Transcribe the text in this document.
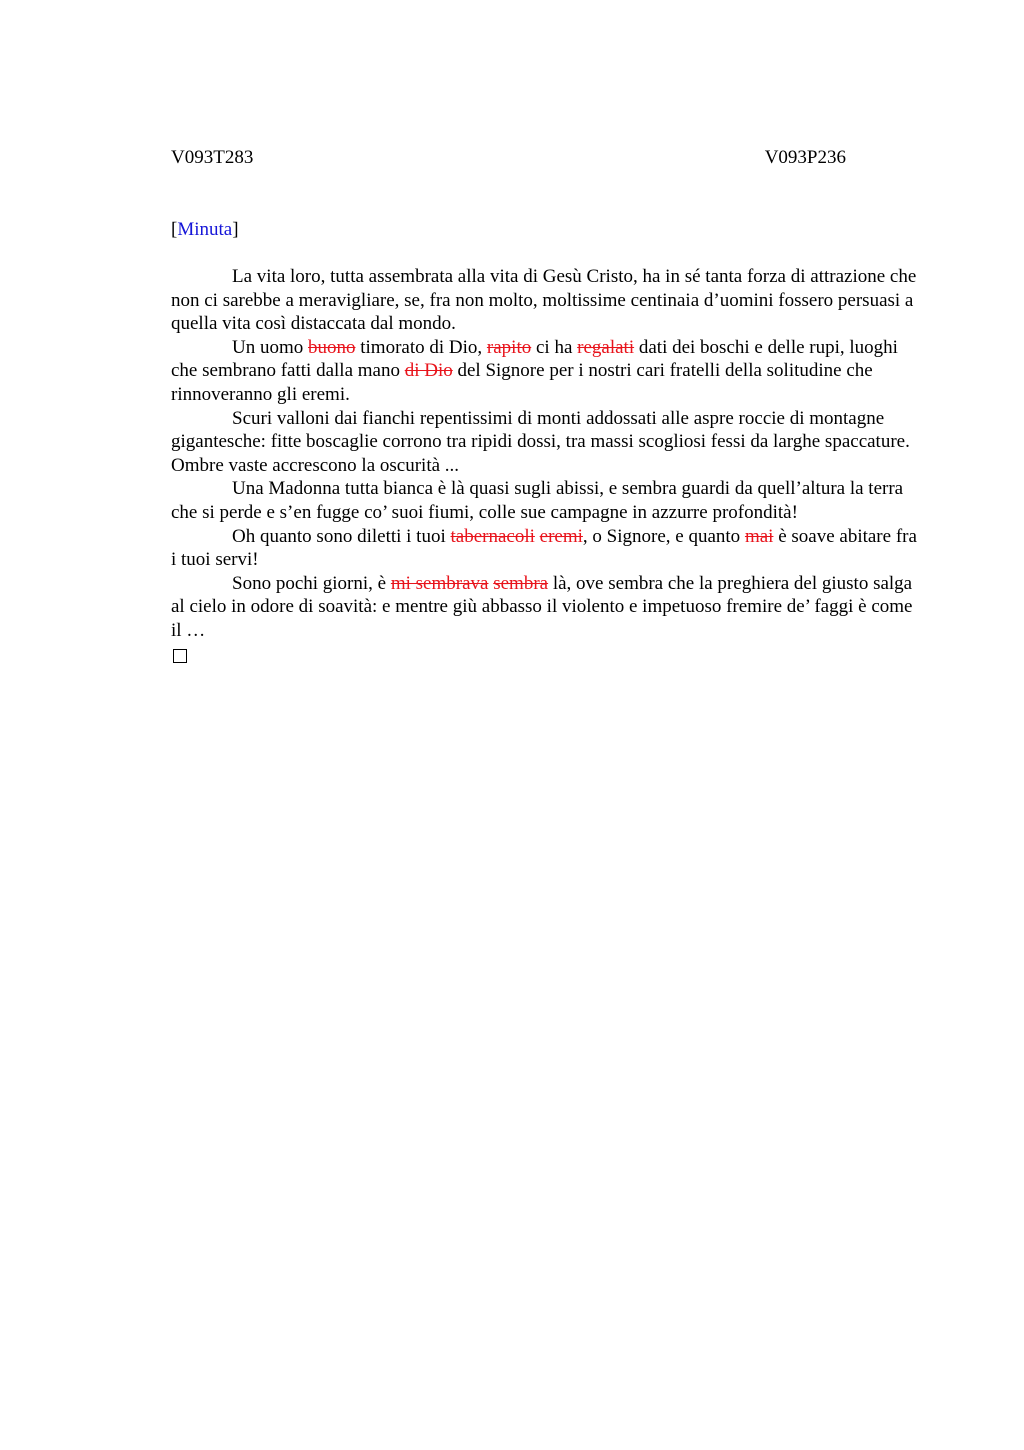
V093T283	V093P236
[Minuta]

La vita loro, tutta assembrata alla vita di Gesù Cristo, ha in sé tanta forza di attrazione che non ci sarebbe a meravigliare, se, fra non molto, moltissime centinaia d’uomini fossero persuasi a quella vita così distaccata dal mondo.

Un uomo buono timorato di Dio, rapito ci ha regalati dati dei boschi e delle rupi, luoghi che sembrano fatti dalla mano di Dio del Signore per i nostri cari fratelli della solitudine che rinnoveranno gli eremi.

Scuri valloni dai fianchi repentissimi di monti addossati alle aspre roccie di montagne gigantesche: fitte boscaglie corrono tra ripidi dossi, tra massi scogliosi fessi da larghe spaccature. Ombre vaste accrescono la oscurità ...

Una Madonna tutta bianca è là quasi sugli abissi, e sembra guardi da quell’altura la terra che si perde e s’en fugge co’ suoi fiumi, colle sue campagne in azzurre profondità!

Oh quanto sono diletti i tuoi tabernacoli eremi, o Signore, e quanto mai è soave abitare fra i tuoi servi!

Sono pochi giorni, è mi sembrava sembra là, ove sembra che la preghiera del giusto salga al cielo in odore di soavità: e mentre giù abbasso il violento e impetuoso fremire de’ faggi è come il …
